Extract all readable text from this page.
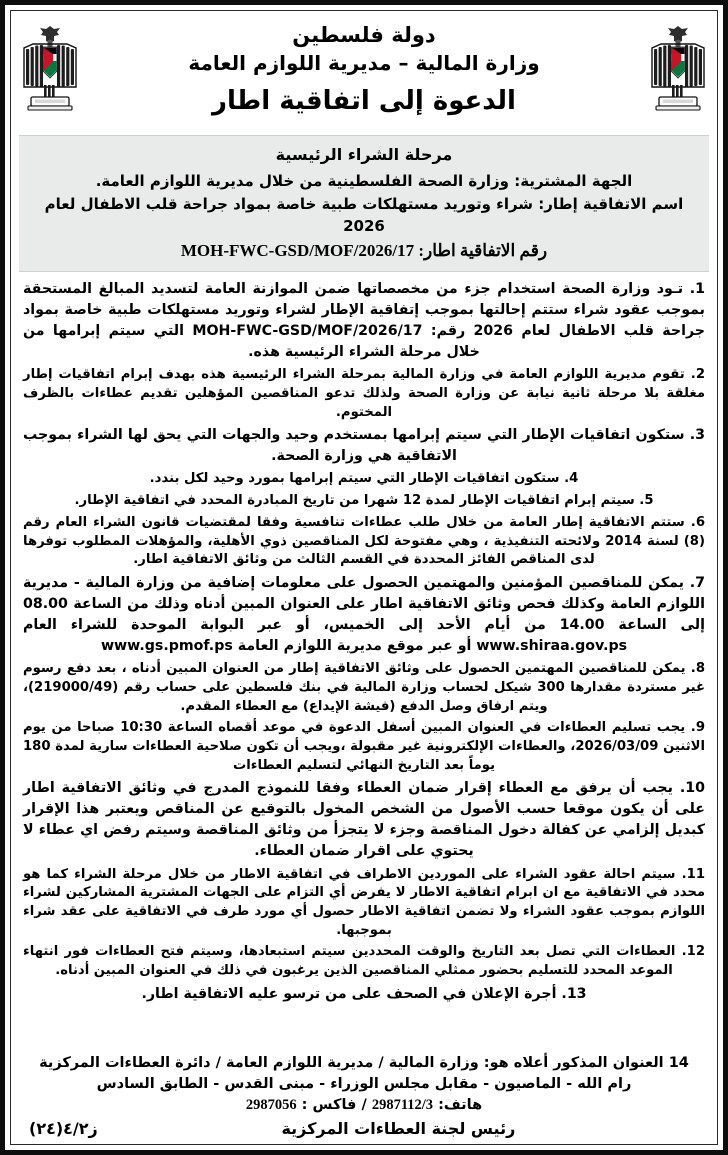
دولة فلسطين
وزارة المالية – مديرية اللوازم العامة
الدعوة إلى اتفاقية اطار
مرحلة الشراء الرئيسية
الجهة المشترية: وزارة الصحة الفلسطينية من خلال مديرية اللوازم العامة.
اسم الاتفاقية إطار: شراء وتوريد مستهلكات طبية خاصة بمواد جراحة قلب الاطفال لعام 2026
رقم الاتفاقية اطار: MOH-FWC-GSD/MOF/2026/17

1. تـود وزارة الصحة استخدام جزء من مخصصاتها ضمن الموازنة العامة لتسديد المبالغ المستحقة بموجب عقود شراء ستتم إحالتها بموجب إتفاقية الإطار لشراء وتوريد مستهلكات طبية خاصة بمواد جراحة قلب الاطفال لعام 2026 رقم: MOH-FWC-GSD/MOF/2026/17 التي سيتم إبرامها من خلال مرحلة الشراء الرئيسية هذه.

2. تقوم مديرية اللوازم العامة في وزارة المالية بمرحلة الشراء الرئيسية هذه بهدف إبرام اتفاقيات إطار مغلقة بلا مرحلة ثانية نيابة عن وزارة الصحة ولذلك تدعو المناقصين المؤهلين تقديم عطاءات بالظرف المختوم.

3. ستكون اتفاقيات الإطار التي سيتم إبرامها بمستخدم وحيد والجهات التي يحق لها الشراء بموجب الاتفاقية هي وزارة الصحة.

4. ستكون اتفاقيات الإطار التي سيتم إبرامها بمورد وحيد لكل بندد.

5. سيتم إبرام اتفاقيات الإطار لمدة 12 شهرا من تاريخ المبادرة المحدد في اتفاقية الإطار.

6. ستتم الاتفاقية إطار العامة من خلال طلب عطاءات تنافسية وفقا لمقتضيات قانون الشراء العام رقم (8) لسنة 2014 ولائحته التنفيذية ، وهي مفتوحة لكل المناقصين ذوي الأهلية، والمؤهلات المطلوب توفرها لدى المناقص الفائز المحددة في القسم الثالث من وثائق الاتفاقية اطار.

7. يمكن للمناقصين المؤمنين والمهتمين الحصول على معلومات إضافية من وزارة المالية - مديرية اللوازم العامة وكذلك فحص وثائق الاتفاقية اطار على العنوان المبين أدناه وذلك من الساعة 08.00 إلى الساعة 14.00 من أيام الأحد إلى الخميس، أو عبر البوابة الموحدة للشراء العام www.shiraa.gov.ps أو عبر موقع مديرية اللوازم العامة www.gs.pmof.ps

8. يمكن للمناقصين المهتمين الحصول على وثائق الاتفاقية إطار من العنوان المبين أدناه ، بعد دفع رسوم غير مستردة مقدارها 300 شيكل لحساب وزارة المالية في بنك فلسطين على حساب رقم (219000/49)، ويتم ارفاق وصل الدفع (فيشة الإيداع) مع العطاء المقدم.

9. يجب تسليم العطاءات في العنوان المبين أسفل الدعوة في موعد أقصاه الساعة 10:30 صباحا من يوم الاثنين 2026/03/09، والعطاءات الإلكترونية غير مقبولة ،ويجب أن تكون صلاحية العطاءات سارية لمدة 180 يوماً بعد التاريخ النهائي لتسليم العطاءات

10. يجب أن يرفق مع العطاء إقرار ضمان العطاء وفقا للنموذج المدرج في وثائق الاتفاقية اطار على أن يكون موقعا حسب الأصول من الشخص المخول بالتوقيع عن المناقص ويعتبر هذا الإقرار كبديل إلزامي عن كفالة دخول المناقصة وجزء لا يتجزأ من وثائق المناقصة وسيتم رفض اي عطاء لا يحتوي على اقرار ضمان العطاء.

11. سيتم احالة عقود الشراء على الموردين الاطراف في اتفاقية الاطار من خلال مرحلة الشراء كما هو محدد في الاتفاقية مع ان ابرام اتفاقية الاطار لا يفرض أي التزام على الجهات المشترية المشاركين لشراء اللوازم بموجب عقود الشراء ولا تضمن اتفاقية الاطار حصول أي مورد طرف في الاتفاقية على عقد شراء بموجبها.

12. العطاءات التي تصل بعد التاريخ والوقت المحددين سيتم استبعادها، وسيتم فتح العطاءات فور انتهاء الموعد المحدد للتسليم بحضور ممثلي المناقصين الذين يرغبون في ذلك في العنوان المبين أدناه.

13. أجرة الإعلان في الصحف على من ترسو عليه الاتفاقية اطار.

14 العنوان المذكور أعلاه هو: وزارة المالية / مديرية اللوازم العامة / دائرة العطاءات المركزية
رام الله - الماصيون - مقابل مجلس الوزراء - مبنى القدس - الطابق السادس
هاتف: 2987112/3 / فاكس : 2987056
رئيس لجنة العطاءات المركزية
ز٤/٢(٢٤)
